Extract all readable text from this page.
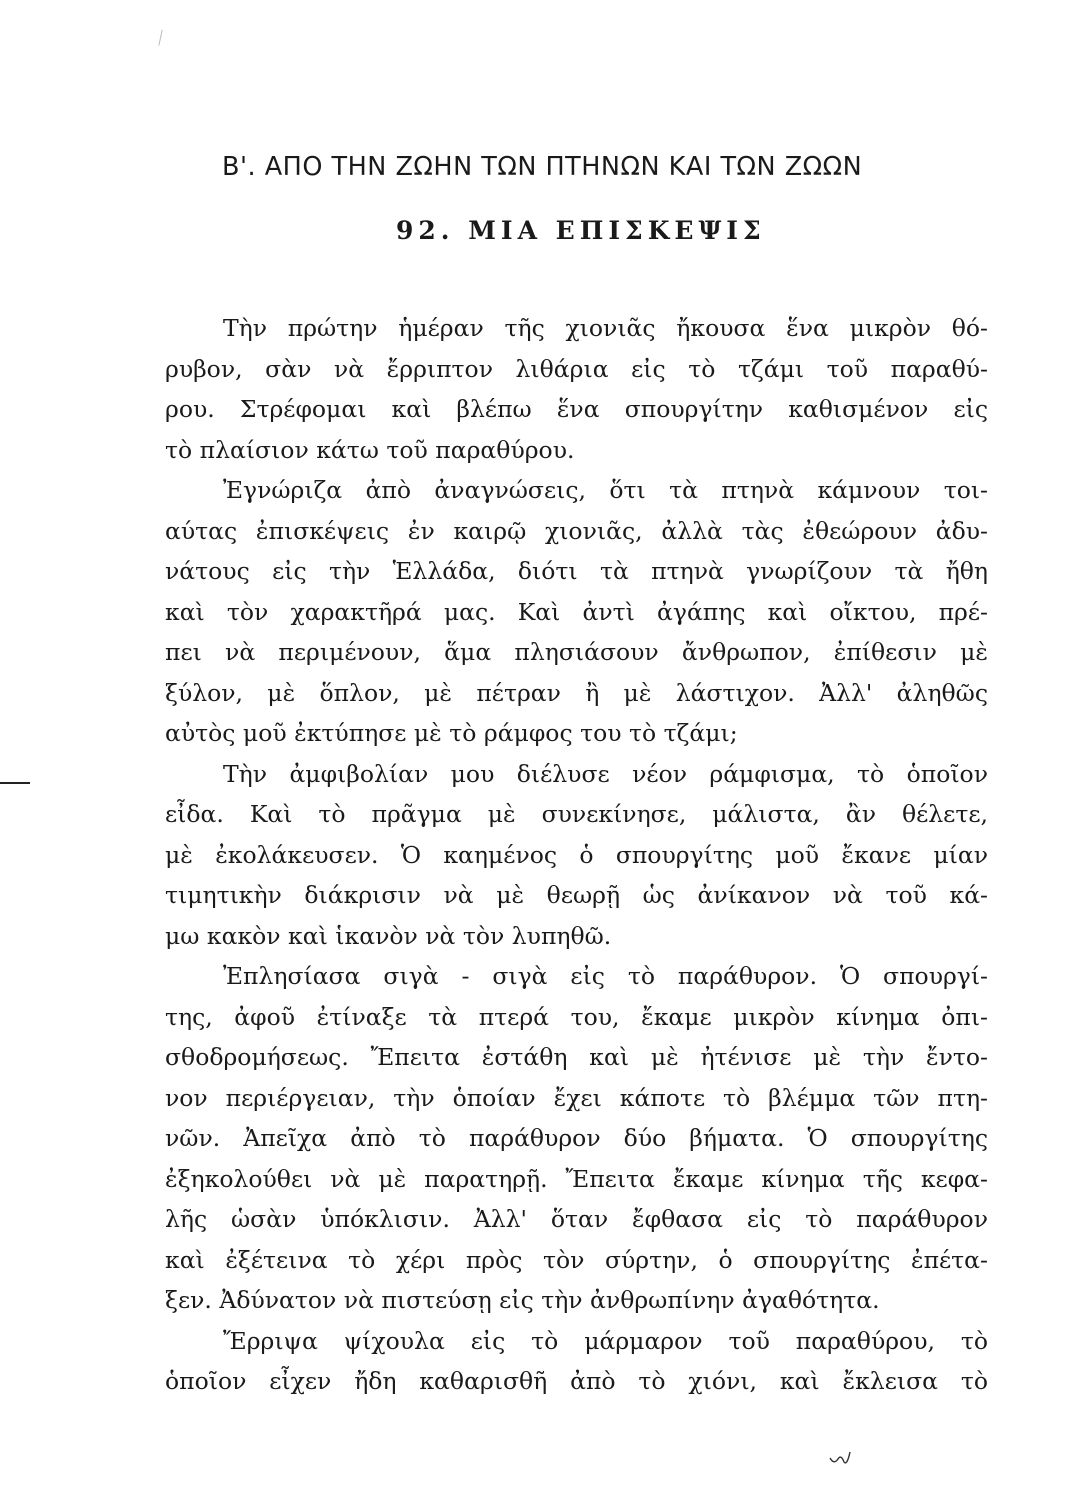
Β'. ΑΠΟ ΤΗΝ ΖΩΗΝ ΤΩΝ ΠΤΗΝΩΝ ΚΑΙ ΤΩΝ ΖΩΩΝ
92. ΜΙΑ ΕΠΙΣΚΕΨΙΣ
Τὴν πρώτην ἡμέραν τῆς χιονιᾶς ἤκουσα ἕνα μικρὸν θό-
ρυβον, σὰν νὰ ἔρριπτον λιθάρια εἰς τὸ τζάμι τοῦ παραθύ-
ρου. Στρέφομαι καὶ βλέπω ἕνα σπουργίτην καθισμένον εἰς
τὸ πλαίσιον κάτω τοῦ παραθύρου.
Ἐγνώριζα ἀπὸ ἀναγνώσεις, ὅτι τὰ πτηνὰ κάμνουν τοι-
αύτας ἐπισκέψεις ἐν καιρῷ χιονιᾶς, ἀλλὰ τὰς ἐθεώρουν ἀδυ-
νάτους εἰς τὴν Ἑλλάδα, διότι τὰ πτηνὰ γνωρίζουν τὰ ἤθη
καὶ τὸν χαρακτῆρά μας. Καὶ ἀντὶ ἀγάπης καὶ οἴκτου, πρέ-
πει νὰ περιμένουν, ἅμα πλησιάσουν ἄνθρωπον, ἐπίθεσιν μὲ
ξύλον, μὲ ὅπλον, μὲ πέτραν ἢ μὲ λάστιχον. Ἀλλ' ἀληθῶς
αὐτὸς μοῦ ἐκτύπησε μὲ τὸ ράμφος του τὸ τζάμι;
Τὴν ἀμφιβολίαν μου διέλυσε νέον ράμφισμα, τὸ ὁποῖον
εἶδα. Καὶ τὸ πρᾶγμα μὲ συνεκίνησε, μάλιστα, ἂν θέλετε,
μὲ ἐκολάκευσεν. Ὁ καημένος ὁ σπουργίτης μοῦ ἔκανε μίαν
τιμητικὴν διάκρισιν νὰ μὲ θεωρῇ ὡς ἀνίκανον νὰ τοῦ κά-
μω κακὸν καὶ ἱκανὸν νὰ τὸν λυπηθῶ.
Ἐπλησίασα σιγὰ - σιγὰ εἰς τὸ παράθυρον. Ὁ σπουργί-
της, ἀφοῦ ἐτίναξε τὰ πτερά του, ἔκαμε μικρὸν κίνημα ὀπι-
σθοδρομήσεως. Ἔπειτα ἐστάθη καὶ μὲ ἠτένισε μὲ τὴν ἔντο-
νον περιέργειαν, τὴν ὁποίαν ἔχει κάποτε τὸ βλέμμα τῶν πτη-
νῶν. Ἀπεῖχα ἀπὸ τὸ παράθυρον δύο βήματα. Ὁ σπουργίτης
ἐξηκολούθει νὰ μὲ παρατηρῇ. Ἔπειτα ἔκαμε κίνημα τῆς κεφα-
λῆς ὡσὰν ὑπόκλισιν. Ἀλλ' ὅταν ἔφθασα εἰς τὸ παράθυρον
καὶ ἐξέτεινα τὸ χέρι πρὸς τὸν σύρτην, ὁ σπουργίτης ἐπέτα-
ξεν. Ἀδύνατον νὰ πιστεύσῃ εἰς τὴν ἀνθρωπίνην ἀγαθότητα.
Ἔρριψα ψίχουλα εἰς τὸ μάρμαρον τοῦ παραθύρου, τὸ
ὁποῖον εἶχεν ἤδη καθαρισθῆ ἀπὸ τὸ χιόνι, καὶ ἔκλεισα τὸ
